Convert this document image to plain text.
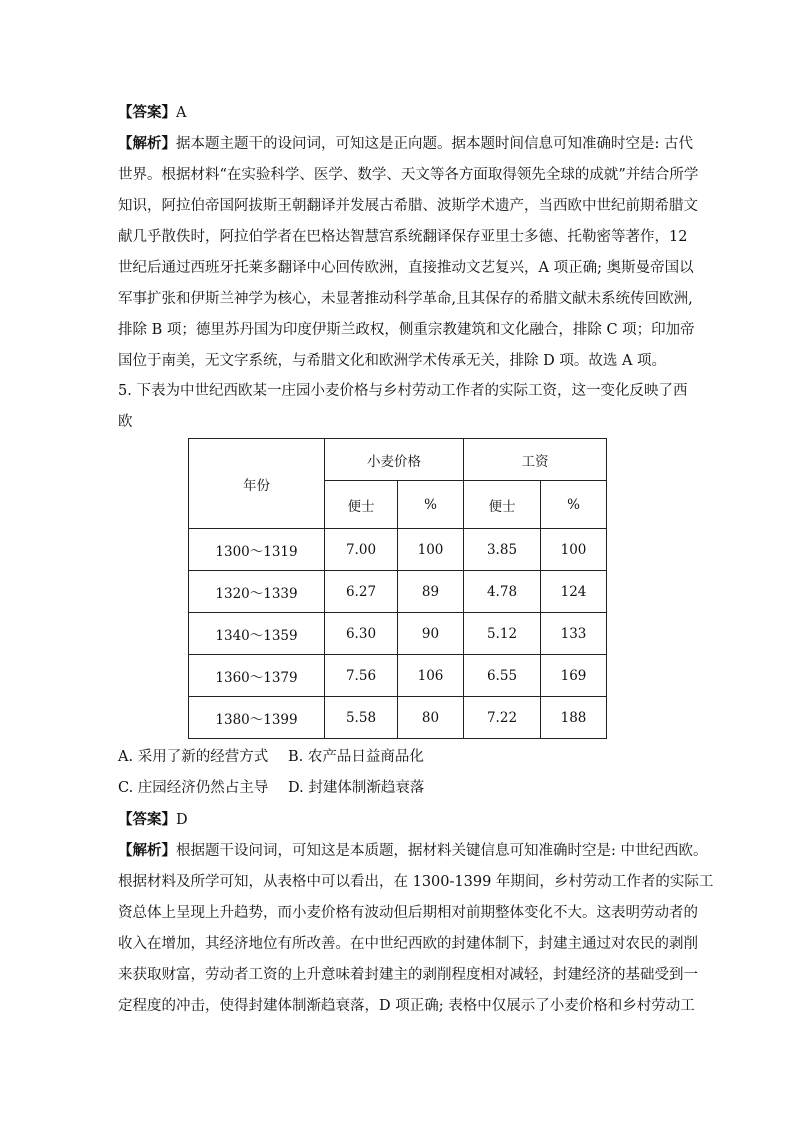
【答案】A

【解析】据本题主题干的设问词，可知这是正向题。据本题时间信息可知准确时空是: 古代

世界。根据材料“在实验科学、医学、数学、天文等各方面取得领先全球的成就”并结合所学

知识，阿拉伯帝国阿拔斯王朝翻译并发展古希腊、波斯学术遗产，当西欧中世纪前期希腊文

献几乎散佚时，阿拉伯学者在巴格达智慧宫系统翻译保存亚里士多德、托勒密等著作，12

世纪后通过西班牙托莱多翻译中心回传欧洲，直接推动文艺复兴，A 项正确; 奥斯曼帝国以

军事扩张和伊斯兰神学为核心，未显著推动科学革命,且其保存的希腊文献未系统传回欧洲,

排除 B 项；德里苏丹国为印度伊斯兰政权，侧重宗教建筑和文化融合，排除 C 项；印加帝

国位于南美，无文字系统，与希腊文化和欧洲学术传承无关，排除 D 项。故选 A 项。

5. 下表为中世纪西欧某一庄园小麦价格与乡村劳动工作者的实际工资，这一变化反映了西

欧

年份	小麦价格		工资	
	便士	%	便士	%
1300～1319	7.00	100	3.85	100
1320～1339	6.27	89	4.78	124
1340～1359	6.30	90	5.12	133
1360～1379	7.56	106	6.55	169
1380～1399	5.58	80	7.22	188
A. 采用了新的经营方式 B. 农产品日益商品化
C. 庄园经济仍然占主导 D. 封建体制渐趋衰落

【答案】D

【解析】根据题干设问词，可知这是本质题，据材料关键信息可知准确时空是: 中世纪西欧。

根据材料及所学可知，从表格中可以看出，在 1300-1399 年期间，乡村劳动工作者的实际工

资总体上呈现上升趋势，而小麦价格有波动但后期相对前期整体变化不大。这表明劳动者的

收入在增加，其经济地位有所改善。在中世纪西欧的封建体制下，封建主通过对农民的剥削

来获取财富，劳动者工资的上升意味着封建主的剥削程度相对减轻，封建经济的基础受到一

定程度的冲击，使得封建体制渐趋衰落，D 项正确; 表格中仅展示了小麦价格和乡村劳动工
